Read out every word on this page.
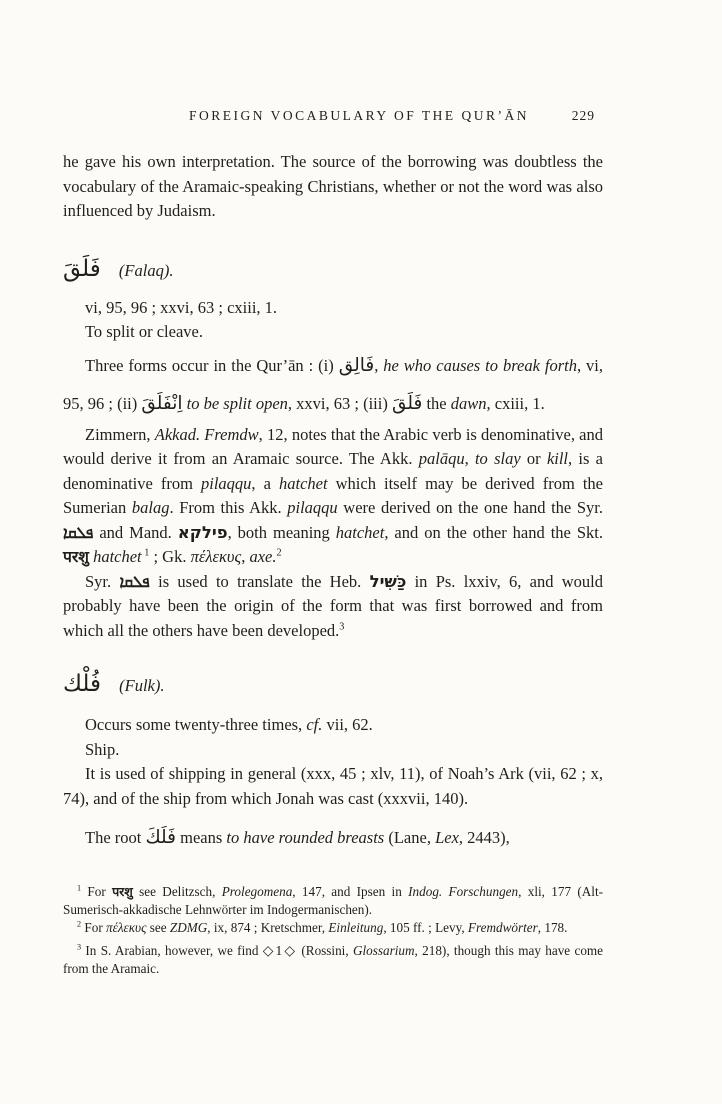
FOREIGN VOCABULARY OF THE QUR’ĀN	229

he gave his own interpretation. The source of the borrowing was doubtless the vocabulary of the Aramaic-speaking Christians, whether or not the word was also influenced by Judaism.

فَلَقَ (Falaq).

vi, 95, 96 ; xxvi, 63 ; cxiii, 1.

To split or cleave.

Three forms occur in the Qur’ān : (i) فَالِق, he who causes to break forth, vi, 95, 96 ; (ii) اِنْفَلَقَ to be split open, xxvi, 63 ; (iii) فَلَقَ the dawn, cxiii, 1.

Zimmern, Akkad. Fremdw, 12, notes that the Arabic verb is denominative, and would derive it from an Aramaic source. The Akk. palāqu, to slay or kill, is a denominative from pilaqqu, a hatchet which itself may be derived from the Sumerian balag. From this Akk. pilaqqu were derived on the one hand the Syr. ܦܠܩܐ and Mand. פילקא, both meaning hatchet, and on the other hand the Skt. परशु hatchet $^1$ ; Gk. πέλεκυς, axe.$^2$

Syr. ܦܠܩܐ is used to translate the Heb. כַּשִּׁיל in Ps. lxxiv, 6, and would probably have been the origin of the form that was first borrowed and from which all the others have been developed.$^3$

فُلْك (Fulk).

Occurs some twenty-three times, cf. vii, 62.

Ship.

It is used of shipping in general (xxx, 45 ; xlv, 11), of Noah’s Ark (vii, 62 ; x, 74), and of the ship from which Jonah was cast (xxxvii, 140).

The root فَلَكَ means to have rounded breasts (Lane, Lex, 2443),

$^1$ For परशु see Delitzsch, Prolegomena, 147, and Ipsen in Indog. Forschungen, xli, 177 (Alt-Sumerisch-akkadische Lehnwörter im Indogermanischen).

$^2$ For πέλεκυς see ZDMG, ix, 874 ; Kretschmer, Einleitung, 105 ff. ; Levy, Fremdwörter, 178.

$^3$ In S. Arabian, however, we find ◇1◇ (Rossini, Glossarium, 218), though this may have come from the Aramaic.
